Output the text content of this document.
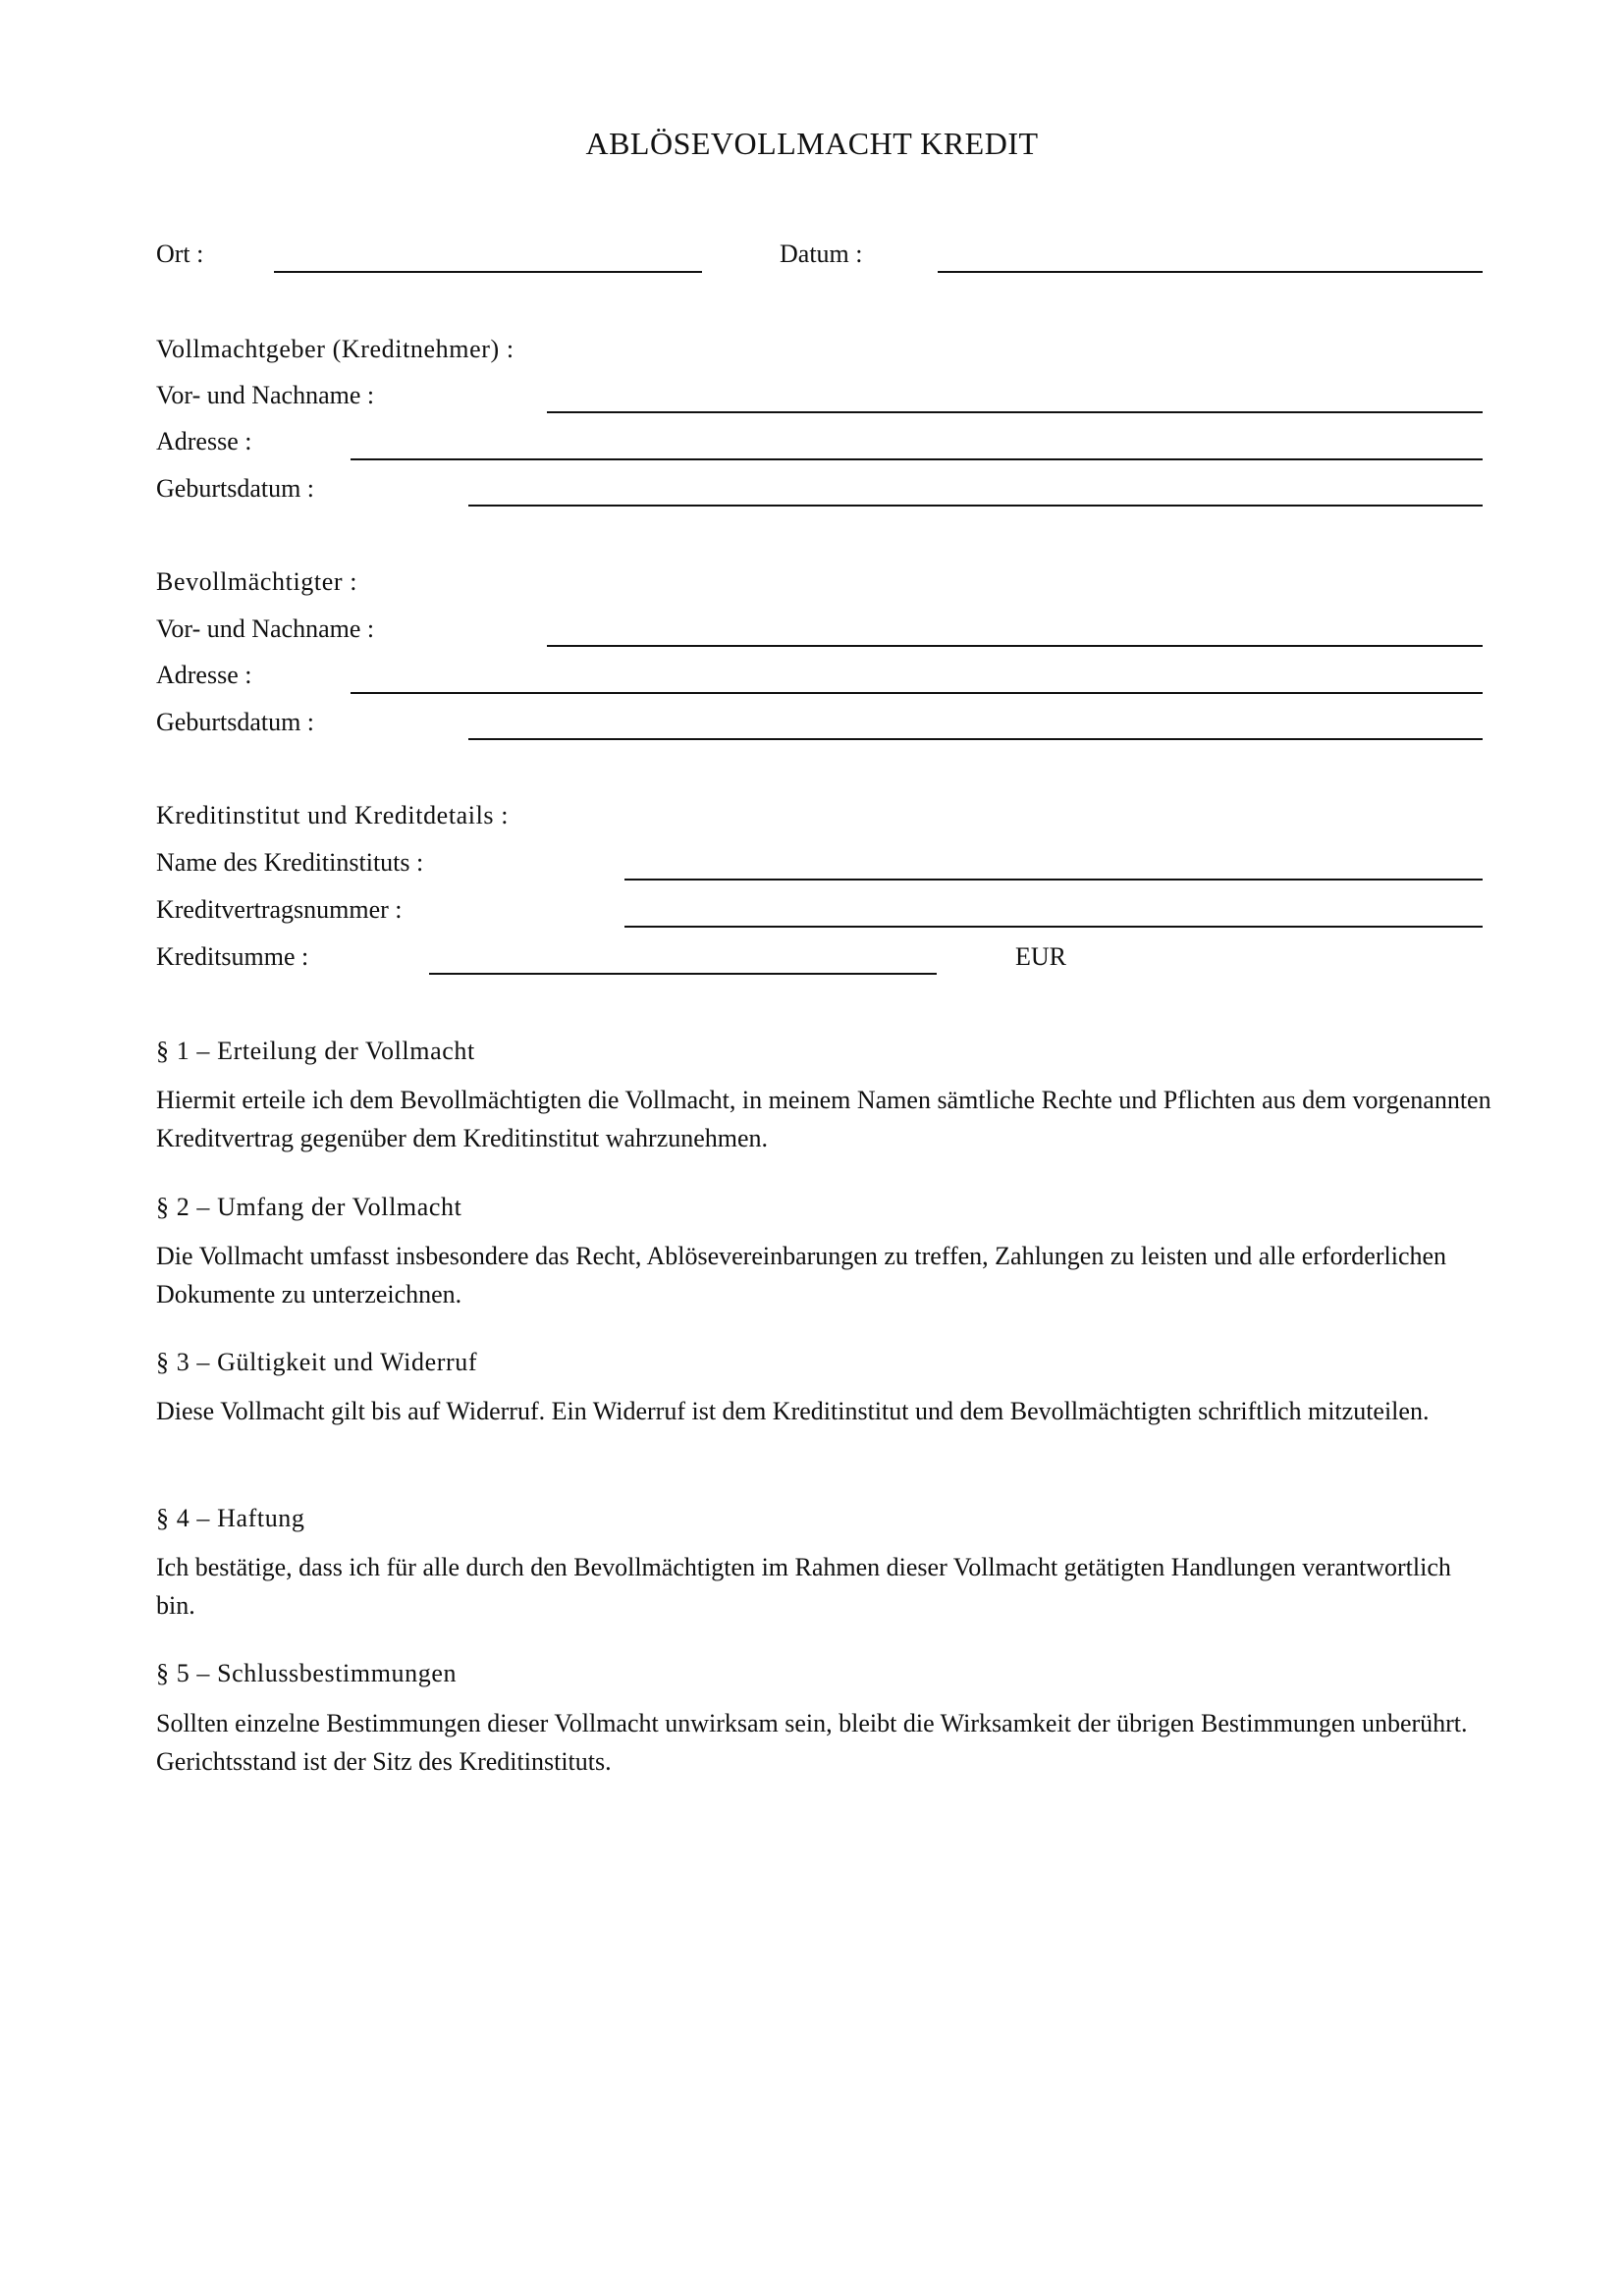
ABLÖSEVOLLMACHT KREDIT
Ort :	Datum :
Vollmachtgeber (Kreditnehmer) :
Vor- und Nachname :
Adresse :
Geburtsdatum :
Bevollmächtigter :
Vor- und Nachname :
Adresse :
Geburtsdatum :
Kreditinstitut und Kreditdetails :
Name des Kreditinstituts :
Kreditvertragsnummer :
Kreditsumme :	EUR
§ 1 – Erteilung der Vollmacht
Hiermit erteile ich dem Bevollmächtigten die Vollmacht, in meinem Namen sämtliche Rechte und Pflichten aus dem vorgenannten Kreditvertrag gegenüber dem Kreditinstitut wahrzunehmen.
§ 2 – Umfang der Vollmacht
Die Vollmacht umfasst insbesondere das Recht, Ablösevereinbarungen zu treffen, Zahlungen zu leisten und alle erforderlichen Dokumente zu unterzeichnen.
§ 3 – Gültigkeit und Widerruf
Diese Vollmacht gilt bis auf Widerruf. Ein Widerruf ist dem Kreditinstitut und dem Bevollmächtigten schriftlich mitzuteilen.
§ 4 – Haftung
Ich bestätige, dass ich für alle durch den Bevollmächtigten im Rahmen dieser Vollmacht getätigten Handlungen verantwortlich bin.
§ 5 – Schlussbestimmungen
Sollten einzelne Bestimmungen dieser Vollmacht unwirksam sein, bleibt die Wirksamkeit der übrigen Bestimmungen unberührt. Gerichtsstand ist der Sitz des Kreditinstituts.
